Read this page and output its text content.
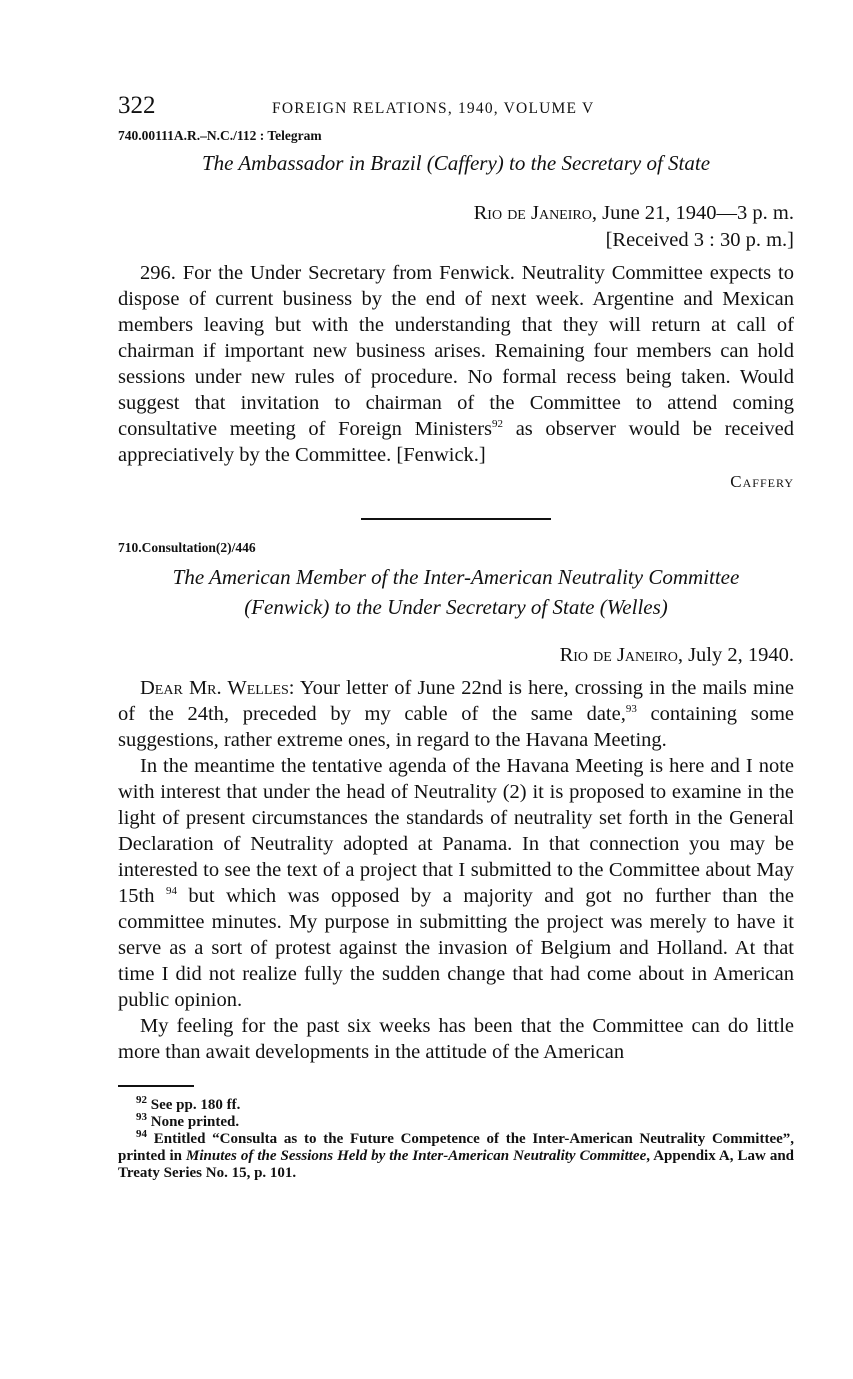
322	FOREIGN RELATIONS, 1940, VOLUME V
740.00111A.R.–N.C./112 : Telegram
The Ambassador in Brazil (Caffery) to the Secretary of State
Rio de Janeiro, June 21, 1940—3 p. m.
[Received 3 : 30 p. m.]

296. For the Under Secretary from Fenwick. Neutrality Committee expects to dispose of current business by the end of next week. Argentine and Mexican members leaving but with the understanding that they will return at call of chairman if important new business arises. Remaining four members can hold sessions under new rules of procedure. No formal recess being taken. Would suggest that invitation to chairman of the Committee to attend coming consultative meeting of Foreign Ministers$^{92}$ as observer would be received appreciatively by the Committee. [Fenwick.]

Caffery
710.Consultation(2)/446
The American Member of the Inter-American Neutrality Committee
(Fenwick) to the Under Secretary of State (Welles)
Rio de Janeiro, July 2, 1940.

Dear Mr. Welles: Your letter of June 22nd is here, crossing in the mails mine of the 24th, preceded by my cable of the same date,$^{93}$ containing some suggestions, rather extreme ones, in regard to the Havana Meeting.

In the meantime the tentative agenda of the Havana Meeting is here and I note with interest that under the head of Neutrality (2) it is proposed to examine in the light of present circumstances the standards of neutrality set forth in the General Declaration of Neutrality adopted at Panama. In that connection you may be interested to see the text of a project that I submitted to the Committee about May 15th $^{94}$ but which was opposed by a majority and got no further than the committee minutes. My purpose in submitting the project was merely to have it serve as a sort of protest against the invasion of Belgium and Holland. At that time I did not realize fully the sudden change that had come about in American public opinion.

My feeling for the past six weeks has been that the Committee can do little more than await developments in the attitude of the American

$^{92}$ See pp. 180 ff.
$^{93}$ None printed.
$^{94}$ Entitled “Consulta as to the Future Competence of the Inter-American Neutrality Committee”, printed in Minutes of the Sessions Held by the Inter-American Neutrality Committee, Appendix A, Law and Treaty Series No. 15, p. 101.
